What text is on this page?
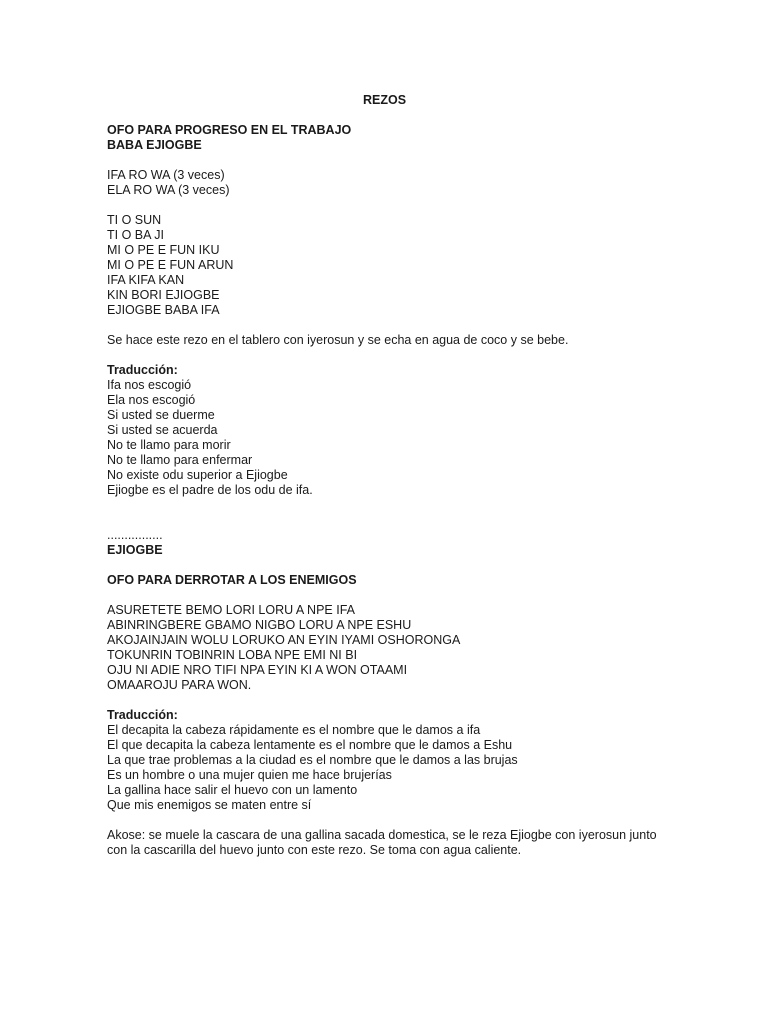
REZOS
OFO PARA PROGRESO EN EL TRABAJO
BABA EJIOGBE
IFA RO WA (3 veces)
ELA RO WA (3 veces)
TI O SUN
TI O BA JI
MI O PE E FUN IKU
MI O PE E FUN ARUN
IFA KIFA KAN
KIN BORI EJIOGBE
EJIOGBE BABA IFA
Se hace este rezo en el tablero con iyerosun y se echa en agua de coco y se bebe.
Traducción:
Ifa nos escogió
Ela nos escogió
Si usted se duerme
Si usted se acuerda
No te llamo para morir
No te llamo para enfermar
No existe odu superior a Ejiogbe
Ejiogbe es el padre de los odu de ifa.
................
EJIOGBE
OFO PARA DERROTAR A LOS ENEMIGOS
ASURETETE BEMO LORI LORU A NPE IFA
ABINRINGBERE GBAMO NIGBO LORU A NPE ESHU
AKOJAINJAIN WOLU LORUKO AN EYIN IYAMI OSHORONGA
TOKUNRIN TOBINRIN LOBA NPE EMI NI BI
OJU NI ADIE NRO TIFI NPA EYIN KI A WON OTAAMI
OMAAROJU PARA WON.
Traducción:
El decapita la cabeza rápidamente es el nombre que le damos a ifa
El que decapita la cabeza lentamente es el nombre que le damos a Eshu
La que trae problemas a la ciudad es el nombre que le damos a las brujas
Es un hombre o una mujer quien me hace brujerías
La gallina hace salir el huevo con un lamento
Que mis enemigos se maten entre sí
Akose: se muele la cascara de una gallina sacada domestica, se le reza Ejiogbe con iyerosun junto con la cascarilla del huevo junto con este rezo. Se toma con agua caliente.
